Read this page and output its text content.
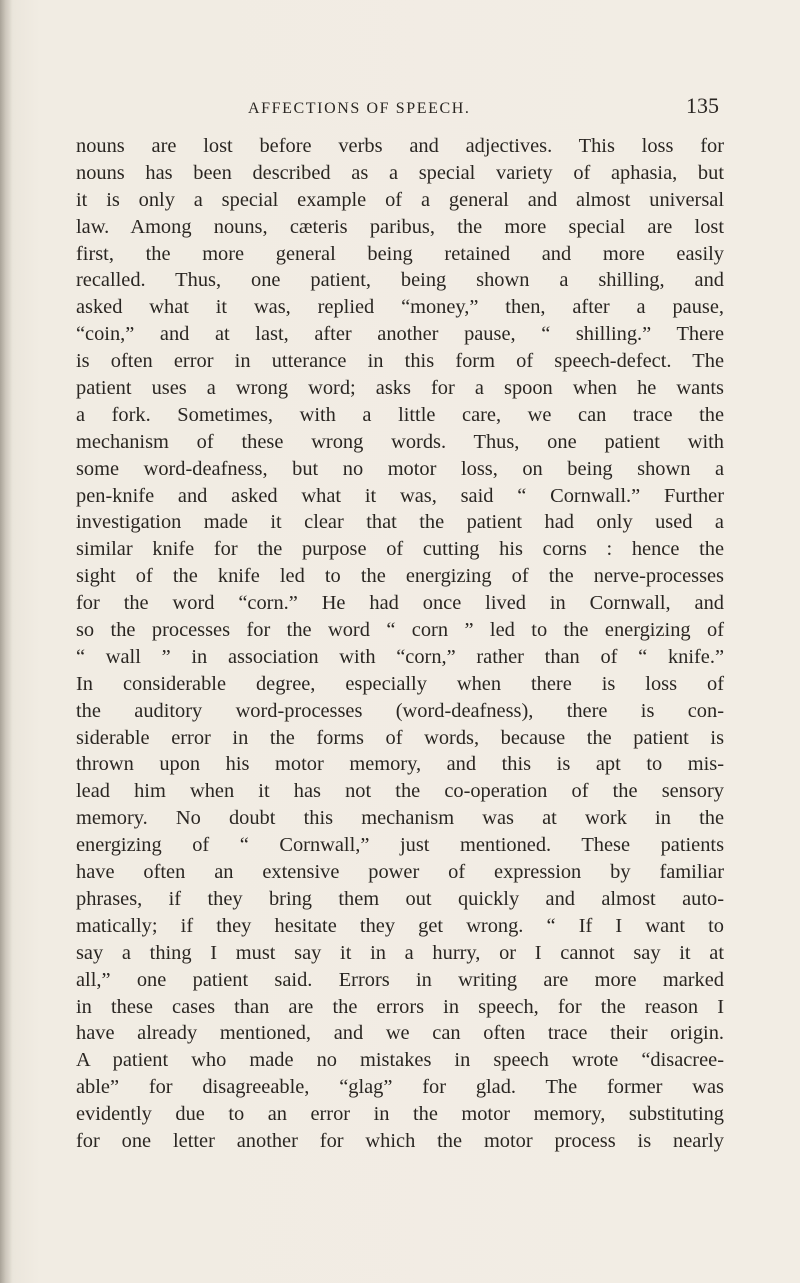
AFFECTIONS OF SPEECH.	135
nouns are lost before verbs and adjectives. This loss for
nouns has been described as a special variety of aphasia, but
it is only a special example of a general and almost universal
law. Among nouns, cæteris paribus, the more special are lost
first, the more general being retained and more easily
recalled. Thus, one patient, being shown a shilling, and
asked what it was, replied “money,” then, after a pause,
“coin,” and at last, after another pause, “ shilling.” There
is often error in utterance in this form of speech-defect. The
patient uses a wrong word; asks for a spoon when he wants
a fork. Sometimes, with a little care, we can trace the
mechanism of these wrong words. Thus, one patient with
some word-deafness, but no motor loss, on being shown a
pen-knife and asked what it was, said “ Cornwall.” Further
investigation made it clear that the patient had only used a
similar knife for the purpose of cutting his corns : hence the
sight of the knife led to the energizing of the nerve-processes
for the word “corn.” He had once lived in Cornwall, and
so the processes for the word “ corn ” led to the energizing of
“ wall ” in association with “corn,” rather than of “ knife.”
In considerable degree, especially when there is loss of
the auditory word-processes (word-deafness), there is con-
siderable error in the forms of words, because the patient is
thrown upon his motor memory, and this is apt to mis-
lead him when it has not the co-operation of the sensory
memory. No doubt this mechanism was at work in the
energizing of “ Cornwall,” just mentioned. These patients
have often an extensive power of expression by familiar
phrases, if they bring them out quickly and almost auto-
matically; if they hesitate they get wrong. “ If I want to
say a thing I must say it in a hurry, or I cannot say it at
all,” one patient said. Errors in writing are more marked
in these cases than are the errors in speech, for the reason I
have already mentioned, and we can often trace their origin.
A patient who made no mistakes in speech wrote “disacree-
able” for disagreeable, “glag” for glad. The former was
evidently due to an error in the motor memory, substituting
for one letter another for which the motor process is nearly
